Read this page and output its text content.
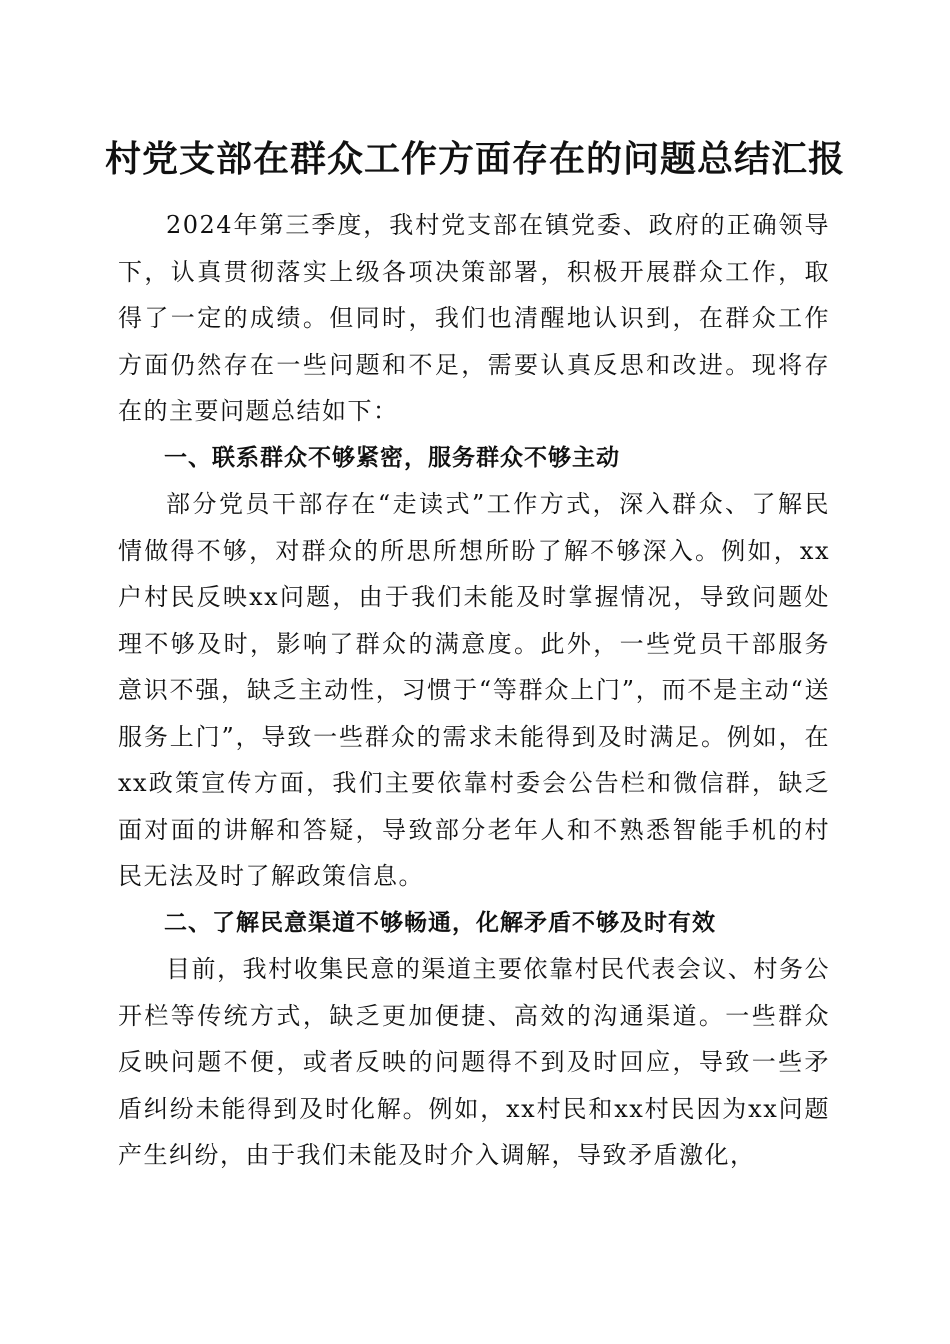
村党支部在群众工作方面存在的问题总结汇报

2024年第三季度，我村党支部在镇党委、政府的正确领导下，认真贯彻落实上级各项决策部署，积极开展群众工作，取得了一定的成绩。但同时，我们也清醒地认识到，在群众工作方面仍然存在一些问题和不足，需要认真反思和改进。现将存在的主要问题总结如下：

一、联系群众不够紧密，服务群众不够主动

部分党员干部存在“走读式”工作方式，深入群众、了解民情做得不够，对群众的所思所想所盼了解不够深入。例如，xx户村民反映xx问题，由于我们未能及时掌握情况，导致问题处理不够及时，影响了群众的满意度。此外，一些党员干部服务意识不强，缺乏主动性，习惯于“等群众上门”，而不是主动“送服务上门”，导致一些群众的需求未能得到及时满足。例如，在xx政策宣传方面，我们主要依靠村委会公告栏和微信群，缺乏面对面的讲解和答疑，导致部分老年人和不熟悉智能手机的村民无法及时了解政策信息。

二、了解民意渠道不够畅通，化解矛盾不够及时有效

目前，我村收集民意的渠道主要依靠村民代表会议、村务公开栏等传统方式，缺乏更加便捷、高效的沟通渠道。一些群众反映问题不便，或者反映的问题得不到及时回应，导致一些矛盾纠纷未能得到及时化解。例如，xx村民和xx村民因为xx问题产生纠纷，由于我们未能及时介入调解，导致矛盾激化，
